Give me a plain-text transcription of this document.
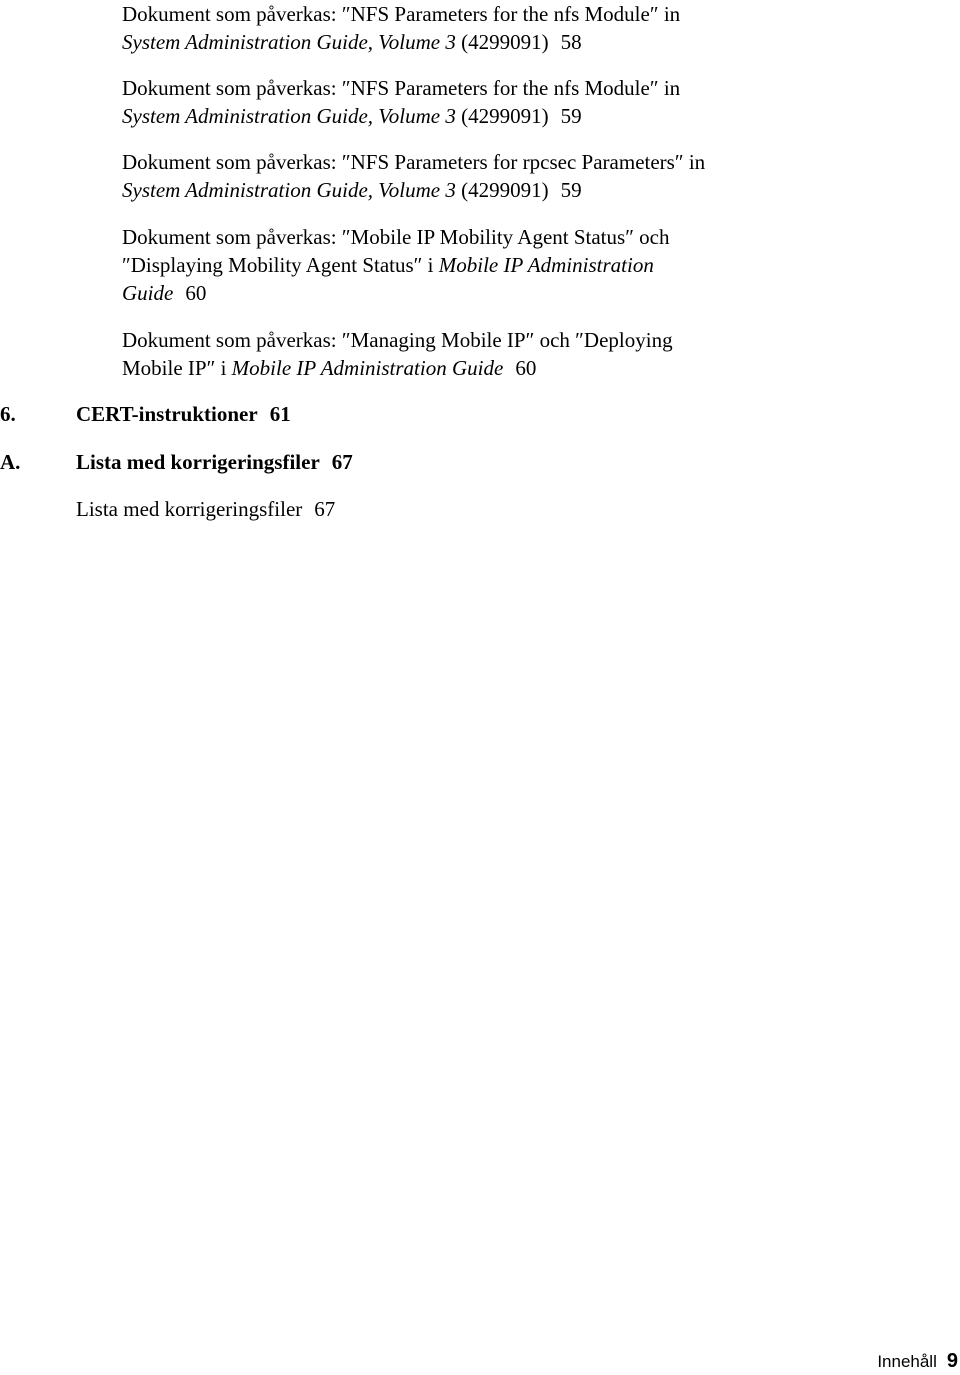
Dokument som påverkas: ″NFS Parameters for the nfs Module″ in
System Administration Guide, Volume 3 (4299091) 58
Dokument som påverkas: ″NFS Parameters for the nfs Module″ in
System Administration Guide, Volume 3 (4299091) 59
Dokument som påverkas: ″NFS Parameters for rpcsec Parameters″ in
System Administration Guide, Volume 3 (4299091) 59
Dokument som påverkas: ″Mobile IP Mobility Agent Status″ och
″Displaying Mobility Agent Status″ i Mobile IP Administration
Guide 60
Dokument som påverkas: ″Managing Mobile IP″ och ″Deploying
Mobile IP″ i Mobile IP Administration Guide 60
6.	CERT-instruktioner 61
A.	Lista med korrigeringsfiler 67
Lista med korrigeringsfiler 67
Innehåll 9
